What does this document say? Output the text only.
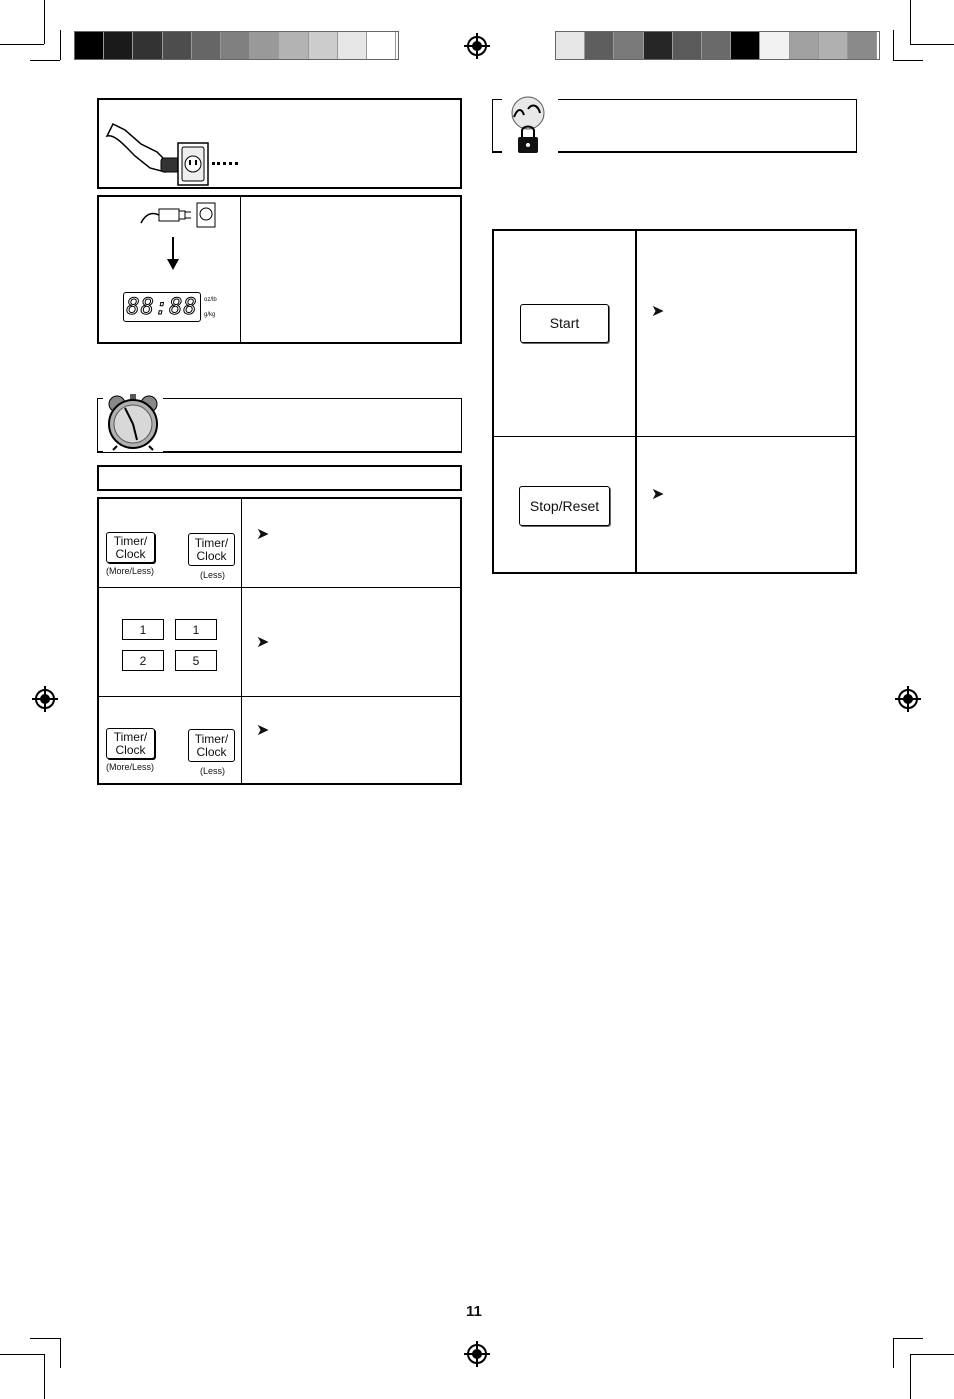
88:88 oz/lb
g/kg
Timer/
Clock
(More/Less)
Timer/
Clock
(Less)
➤
1	1
2	5
➤
Timer/
Clock
(More/Less)
Timer/
Clock
(Less)
➤
Start
➤
Stop/Reset
➤
11
